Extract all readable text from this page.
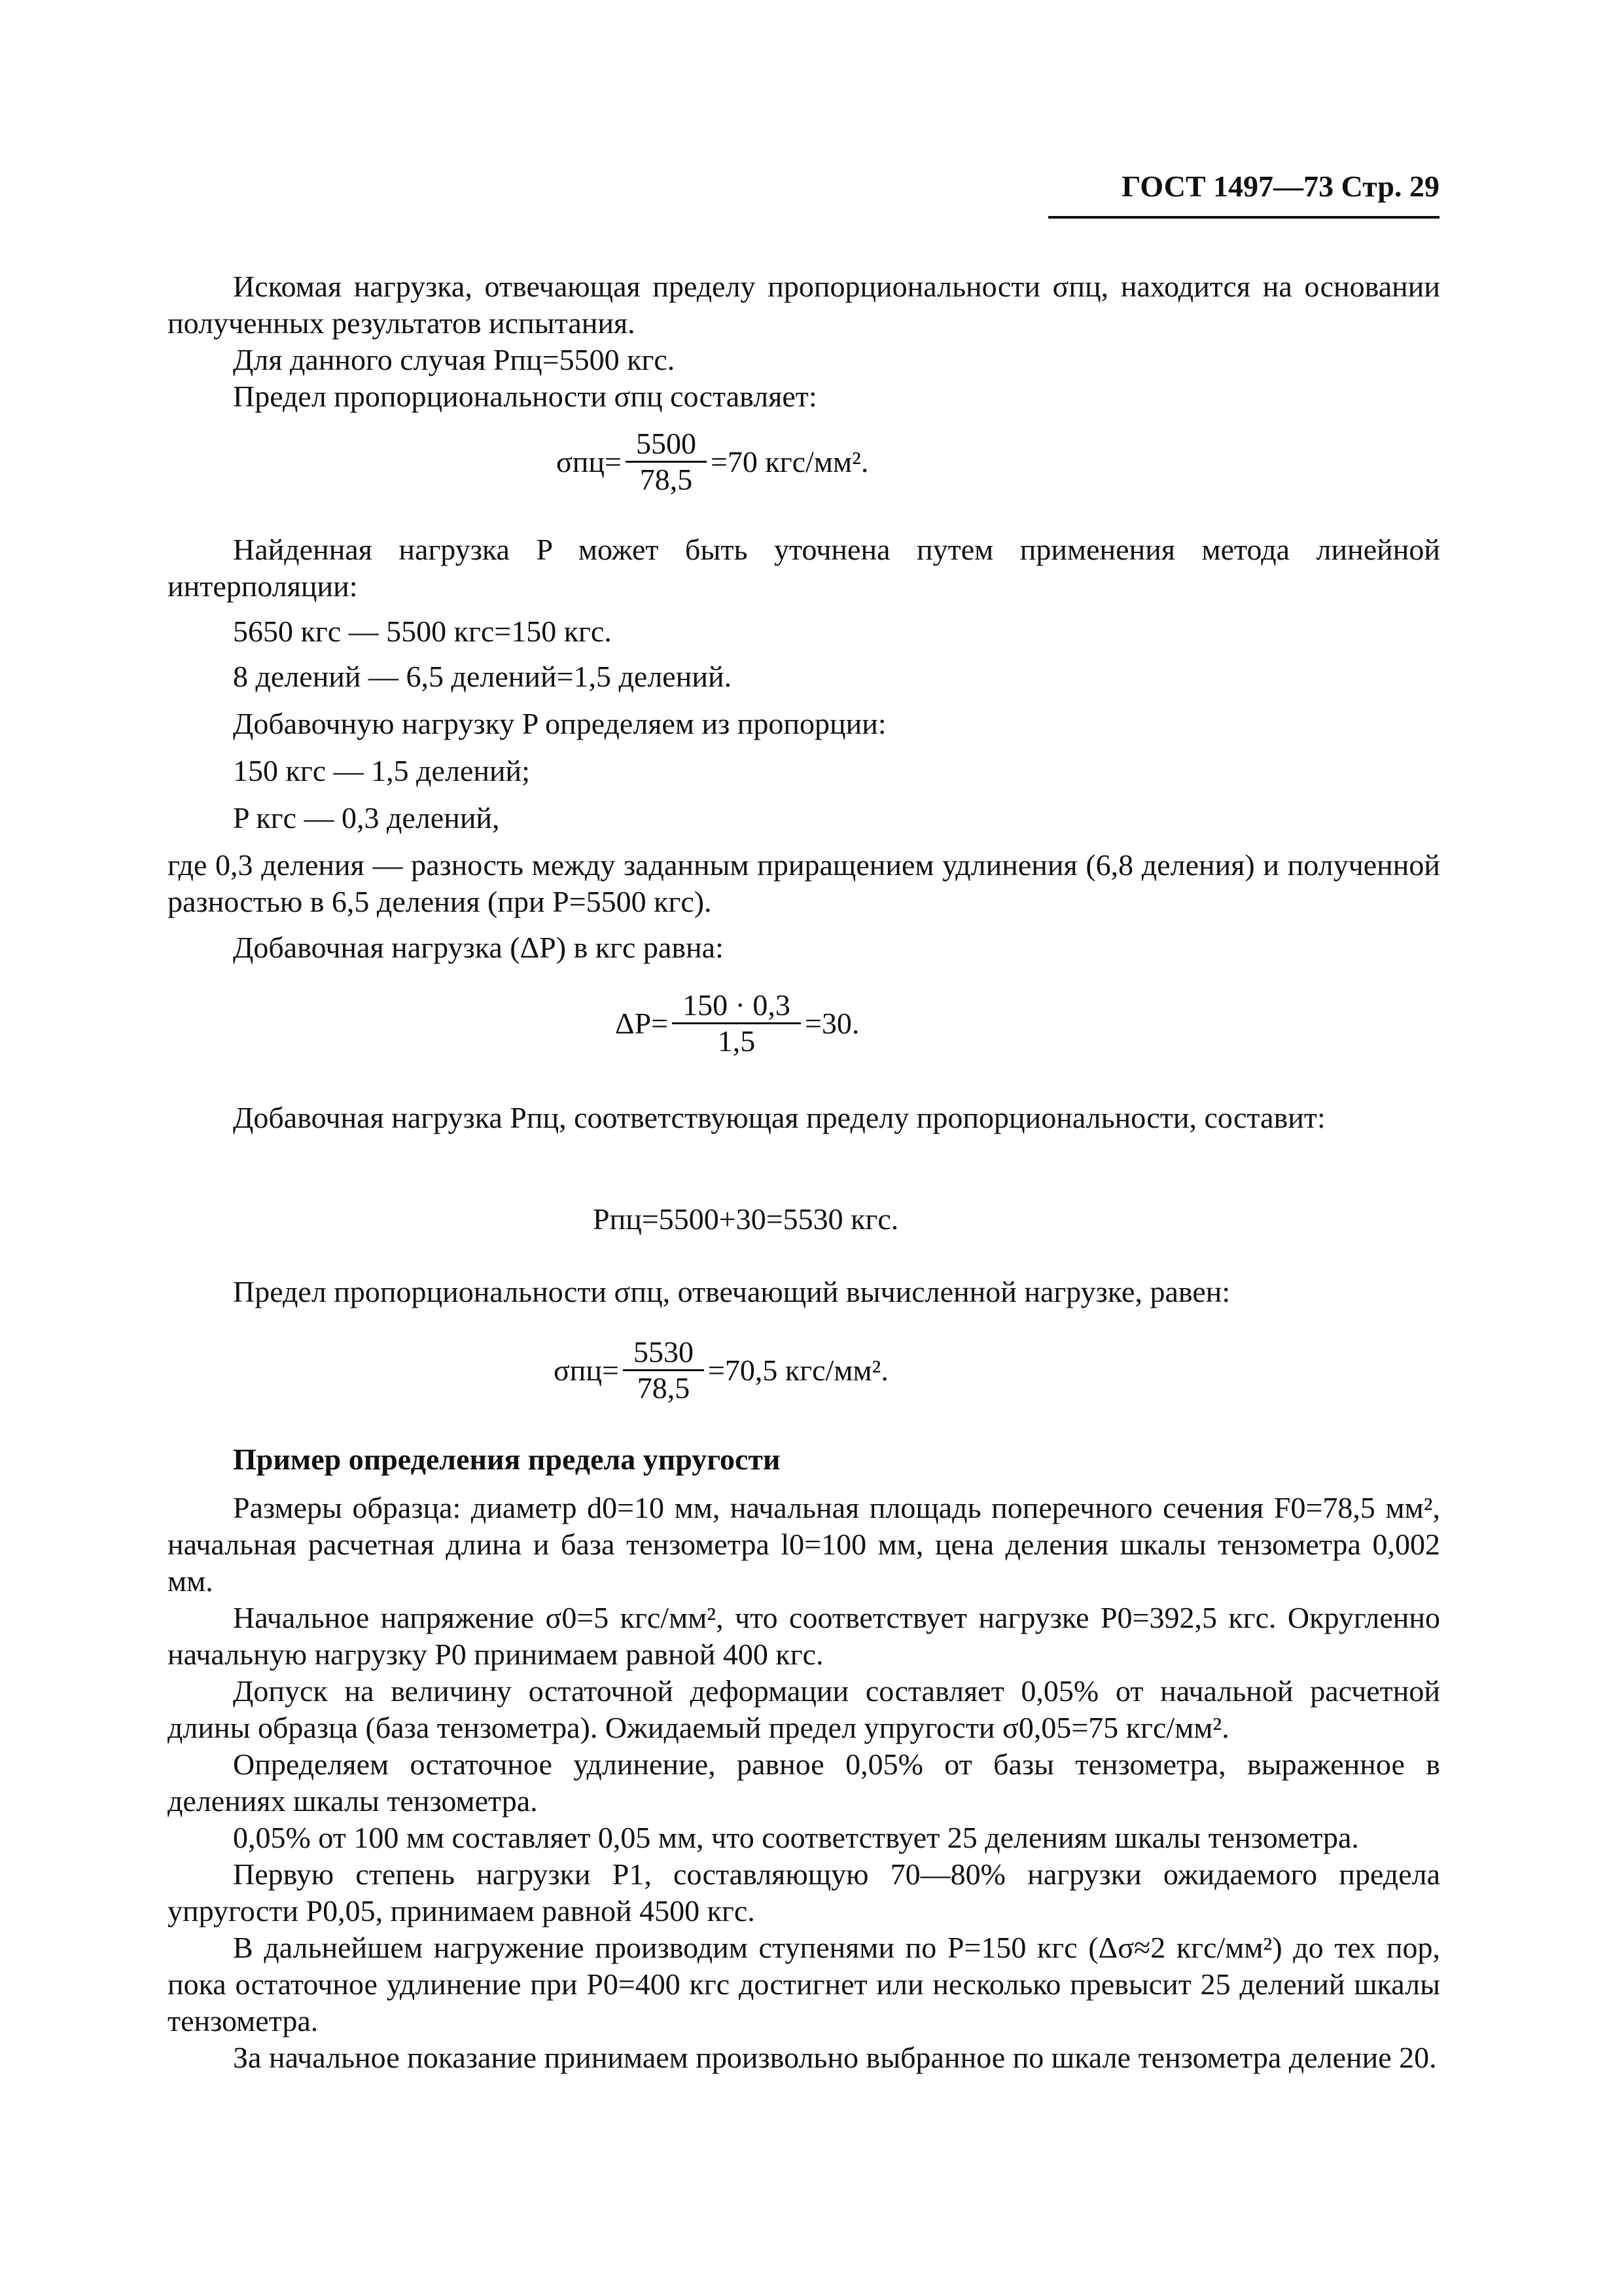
ГОСТ 1497—73 Стр. 29

Искомая нагрузка, отвечающая пределу пропорциональности σпц, находится на основании полученных результатов испытания.

Для данного случая Pпц=5500 кгс.

Предел пропорциональности σпц составляет:

$\sigma пц= \frac{5500}{78,5} =70$ кгс/мм².

Найденная нагрузка P может быть уточнена путем применения метода линейной интерполяции:

5650 кгс — 5500 кгс=150 кгс.
8 делений — 6,5 делений=1,5 делений.
Добавочную нагрузку P определяем из пропорции:
150 кгс — 1,5 делений;
P кгс — 0,3 делений,

где 0,3 деления — разность между заданным приращением удлинения (6,8 деления) и полученной разностью в 6,5 деления (при P=5500 кгс).

Добавочная нагрузка (ΔP) в кгс равна:

$\Delta P= \frac{150 \cdot 0,3}{1,5} =30$.

Добавочная нагрузка Pпц, соответствующая пределу пропорциональности, составит:

Pпц=5500+30=5530 кгс.

Предел пропорциональности σпц, отвечающий вычисленной нагрузке, равен:

$\sigma пц= \frac{5530}{78,5} =70,5$ кгс/мм².

Пример определения предела упругости

Размеры образца: диаметр d0=10 мм, начальная площадь поперечного сечения F0=78,5 мм², начальная расчетная длина и база тензометра l0=100 мм, цена деления шкалы тензометра 0,002 мм.

Начальное напряжение σ0=5 кгс/мм², что соответствует нагрузке P0=392,5 кгс. Округленно начальную нагрузку P0 принимаем равной 400 кгс.

Допуск на величину остаточной деформации составляет 0,05% от начальной расчетной длины образца (база тензометра). Ожидаемый предел упругости σ0,05=75 кгс/мм².

Определяем остаточное удлинение, равное 0,05% от базы тензометра, выраженное в делениях шкалы тензометра.

0,05% от 100 мм составляет 0,05 мм, что соответствует 25 делениям шкалы тензометра.

Первую степень нагрузки P1, составляющую 70—80% нагрузки ожидаемого предела упругости P0,05, принимаем равной 4500 кгс.

В дальнейшем нагружение производим ступенями по P=150 кгс (Δσ≈2 кгс/мм²) до тех пор, пока остаточное удлинение при P0=400 кгс достигнет или несколько превысит 25 делений шкалы тензометра.

За начальное показание принимаем произвольно выбранное по шкале тензометра деление 20.
